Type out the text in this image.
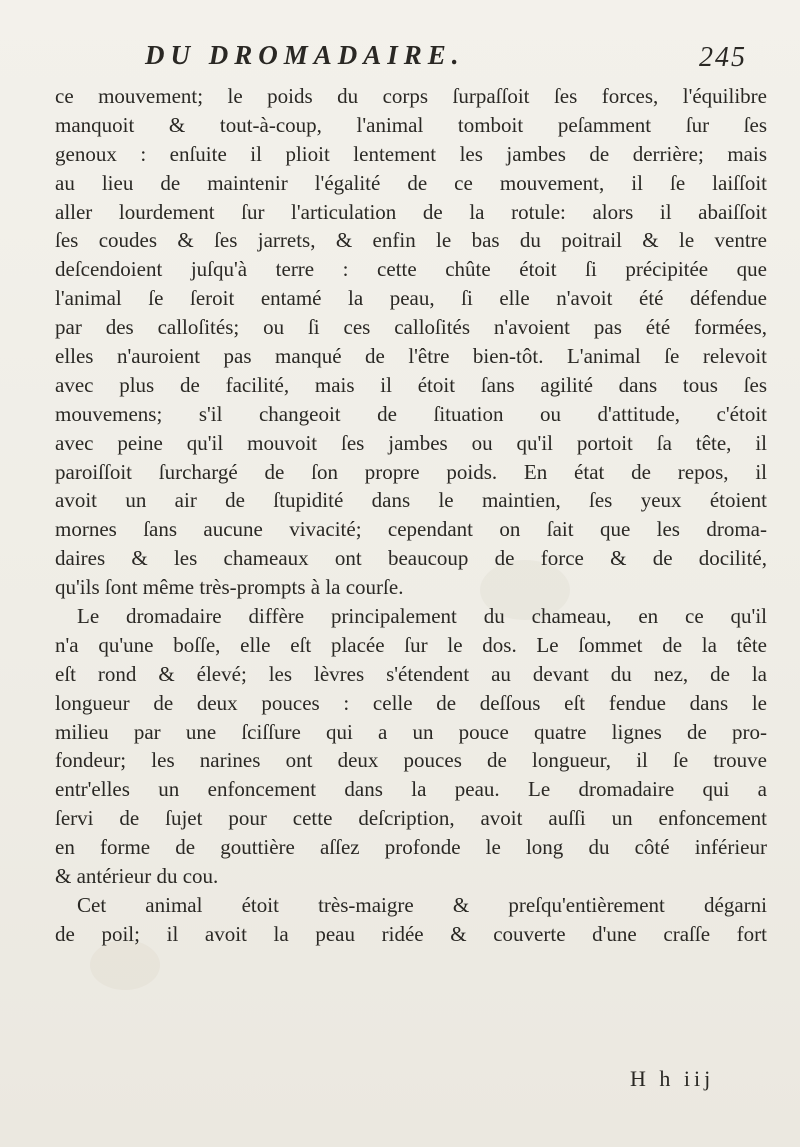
DU DROMADAIRE.	245
ce mouvement; le poids du corps ſurpaſſoit ſes forces, l'équilibre
manquoit & tout-à-coup, l'animal tomboit peſamment ſur ſes
genoux : enſuite il plioit lentement les jambes de derrière; mais
au lieu de maintenir l'égalité de ce mouvement, il ſe laiſſoit
aller lourdement ſur l'articulation de la rotule: alors il abaiſſoit
ſes coudes & ſes jarrets, & enfin le bas du poitrail & le ventre
deſcendoient juſqu'à terre : cette chûte étoit ſi précipitée que
l'animal ſe ſeroit entamé la peau, ſi elle n'avoit été défendue
par des calloſités; ou ſi ces calloſités n'avoient pas été formées,
elles n'auroient pas manqué de l'être bien-tôt. L'animal ſe relevoit
avec plus de facilité, mais il étoit ſans agilité dans tous ſes
mouvemens; s'il changeoit de ſituation ou d'attitude, c'étoit
avec peine qu'il mouvoit ſes jambes ou qu'il portoit ſa tête, il
paroiſſoit ſurchargé de ſon propre poids. En état de repos, il
avoit un air de ſtupidité dans le maintien, ſes yeux étoient
mornes ſans aucune vivacité; cependant on ſait que les droma-
daires & les chameaux ont beaucoup de force & de docilité,
qu'ils ſont même très-prompts à la courſe.
Le dromadaire diffère principalement du chameau, en ce qu'il
n'a qu'une boſſe, elle eſt placée ſur le dos. Le ſommet de la tête
eſt rond & élevé; les lèvres s'étendent au devant du nez, de la
longueur de deux pouces : celle de deſſous eſt fendue dans le
milieu par une ſciſſure qui a un pouce quatre lignes de pro-
fondeur; les narines ont deux pouces de longueur, il ſe trouve
entr'elles un enfoncement dans la peau. Le dromadaire qui a
ſervi de ſujet pour cette deſcription, avoit auſſi un enfoncement
en forme de gouttière aſſez profonde le long du côté inférieur
& antérieur du cou.
Cet animal étoit très-maigre & preſqu'entièrement dégarni
de poil; il avoit la peau ridée & couverte d'une craſſe fort
H h iij
